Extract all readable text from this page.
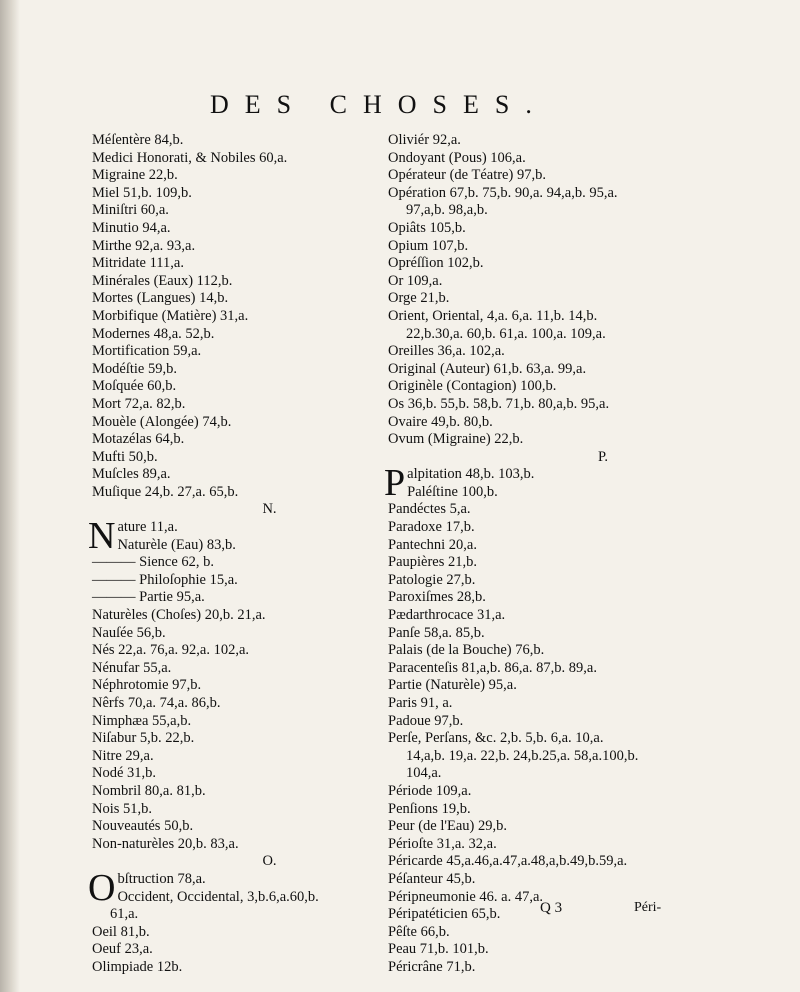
DES CHOSES.
Méſentère 84,b.
Medici Honorati, & Nobiles 60,a.
Migraine 22,b.
Miel 51,b. 109,b.
Miniſtri 60,a.
Minutio 94,a.
Mirthe 92,a. 93,a.
Mitridate 111,a.
Minérales (Eaux) 112,b.
Mortes (Langues) 14,b.
Morbifique (Matière) 31,a.
Modernes 48,a. 52,b.
Mortification 59,a.
Modéſtie 59,b.
Moſquée 60,b.
Mort 72,a. 82,b.
Mouèle (Alongée) 74,b.
Motazélas 64,b.
Mufti 50,b.
Muſcles 89,a.
Muſique 24,b. 27,a. 65,b.
N.
Nature 11,a.
Naturèle (Eau) 83,b.
——— Sience 62, b.
——— Philoſophie 15,a.
——— Partie 95,a.
Naturèles (Choſes) 20,b. 21,a.
Nauſée 56,b.
Nés 22,a. 76,a. 92,a. 102,a.
Nénufar 55,a.
Néphrotomie 97,b.
Nêrfs 70,a. 74,a. 86,b.
Nimphæa 55,a,b.
Niſabur 5,b. 22,b.
Nitre 29,a.
Nodé 31,b.
Nombril 80,a. 81,b.
Nois 51,b.
Nouveautés 50,b.
Non-naturèles 20,b. 83,a.
O.
Obſtruction 78,a.
Occident, Occidental, 3,b.6,a.60,b.
61,a.
Oeil 81,b.
Oeuf 23,a.
Olimpiade 12b.
Oliviér 92,a.
Ondoyant (Pous) 106,a.
Opérateur (de Téatre) 97,b.
Opération 67,b. 75,b. 90,a. 94,a,b. 95,a.
97,a,b. 98,a,b.
Opiâts 105,b.
Opium 107,b.
Opréſſion 102,b.
Or 109,a.
Orge 21,b.
Orient, Oriental, 4,a. 6,a. 11,b. 14,b.
22,b.30,a. 60,b. 61,a. 100,a. 109,a.
Oreilles 36,a. 102,a.
Original (Auteur) 61,b. 63,a. 99,a.
Originèle (Contagion) 100,b.
Os 36,b. 55,b. 58,b. 71,b. 80,a,b. 95,a.
Ovaire 49,b. 80,b.
Ovum (Migraine) 22,b.
P.
Palpitation 48,b. 103,b.
Paléſtine 100,b.
Pandéctes 5,a.
Paradoxe 17,b.
Pantechni 20,a.
Paupières 21,b.
Patologie 27,b.
Paroxiſmes 28,b.
Pædarthrocace 31,a.
Panſe 58,a. 85,b.
Palais (de la Bouche) 76,b.
Paracenteſis 81,a,b. 86,a. 87,b. 89,a.
Partie (Naturèle) 95,a.
Paris 91, a.
Padoue 97,b.
Perſe, Perſans, &c. 2,b. 5,b. 6,a. 10,a.
14,a,b. 19,a. 22,b. 24,b.25,a. 58,a.100,b.
104,a.
Période 109,a.
Penſions 19,b.
Peur (de l'Eau) 29,b.
Périoſte 31,a. 32,a.
Péricarde 45,a.46,a.47,a.48,a,b.49,b.59,a.
Péſanteur 45,b.
Péripneumonie 46. a. 47,a.
Péripatéticien 65,b.
Pêſte 66,b.
Peau 71,b. 101,b.
Péricrâne 71,b.
Q 3	Péri-
